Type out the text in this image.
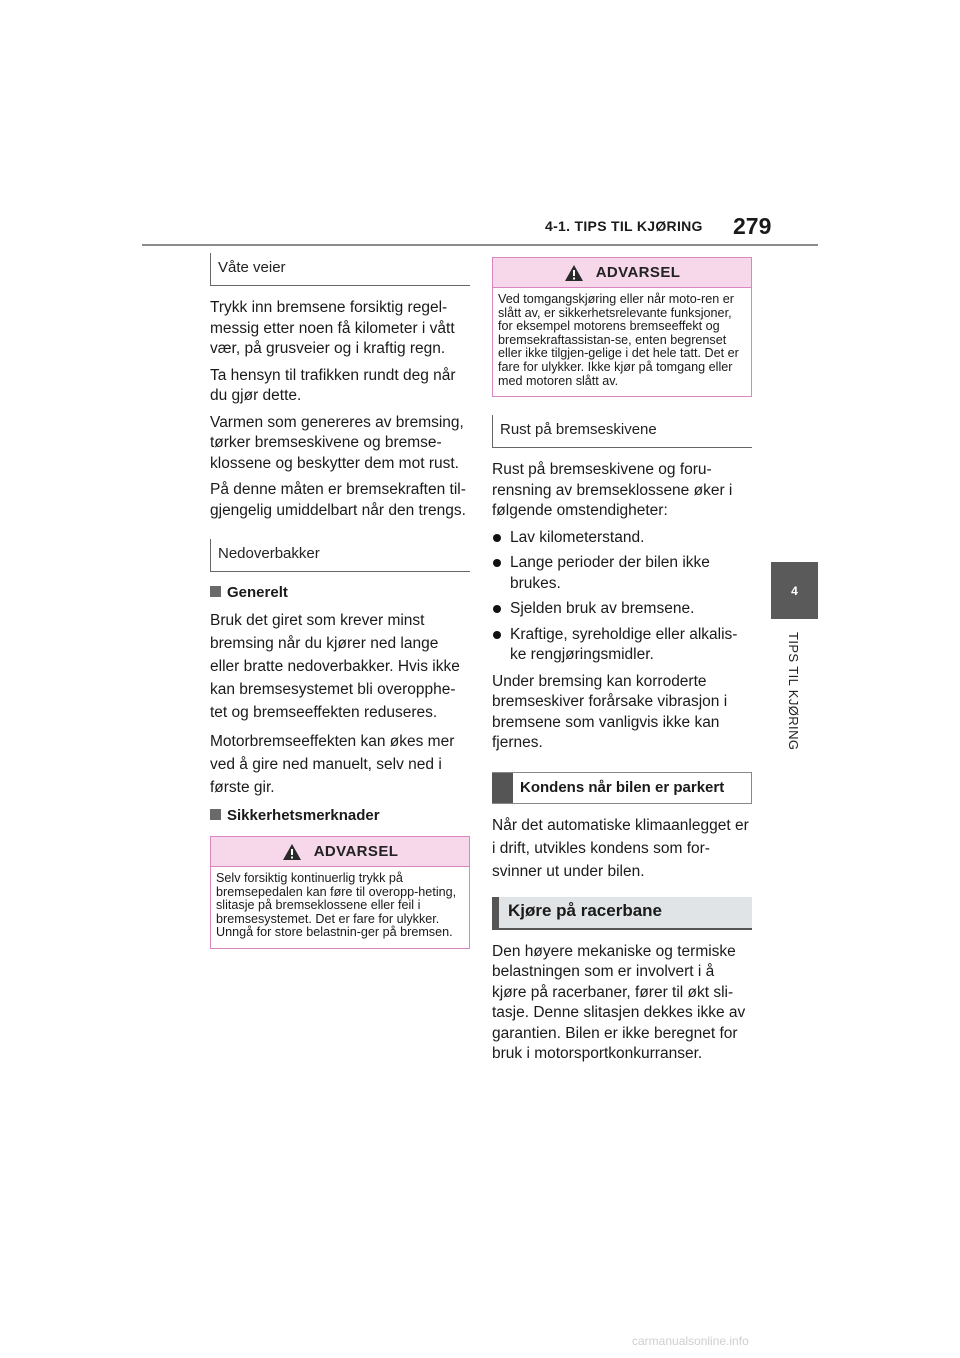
4-1. TIPS TIL KJØRING 279
4
TIPS TIL KJØRING
Våte veier

Trykk inn bremsene forsiktig regel-messig etter noen få kilometer i vått vær, på grusveier og i kraftig regn.

Ta hensyn til trafikken rundt deg når du gjør dette.

Varmen som genereres av bremsing, tørker bremseskivene og bremse-klossene og beskytter dem mot rust.

På denne måten er bremsekraften til-gjengelig umiddelbart når den trengs.

Nedoverbakker
Generelt

Bruk det giret som krever minst bremsing når du kjører ned lange eller bratte nedoverbakker. Hvis ikke kan bremsesystemet bli overopphe-tet og bremseeffekten reduseres.

Motorbremseeffekten kan økes mer ved å gire ned manuelt, selv ned i første gir.

Sikkerhetsmerknader
ADVARSEL
Selv forsiktig kontinuerlig trykk på bremsepedalen kan føre til overopp-heting, slitasje på bremseklossene eller feil i bremsesystemet. Det er fare for ulykker. Unngå for store belastnin-ger på bremsen.
ADVARSEL
Ved tomgangskjøring eller når moto-ren er slått av, er sikkerhetsrelevante funksjoner, for eksempel motorens bremseeffekt og bremsekraftassistan-se, enten begrenset eller ikke tilgjen-gelige i det hele tatt. Det er fare for ulykker. Ikke kjør på tomgang eller med motoren slått av.
Rust på bremseskivene

Rust på bremseskivene og foru-rensning av bremseklossene øker i følgende omstendigheter:

Lav kilometerstand.
Lange perioder der bilen ikke brukes.
Sjelden bruk av bremsene.
Kraftige, syreholdige eller alkalis-ke rengjøringsmidler.

Under bremsing kan korroderte bremseskiver forårsake vibrasjon i bremsene som vanligvis ikke kan fjernes.

Kondens når bilen er parkert

Når det automatiske klimaanlegget er i drift, utvikles kondens som for-svinner ut under bilen.

Kjøre på racerbane

Den høyere mekaniske og termiske belastningen som er involvert i å kjøre på racerbaner, fører til økt sli-tasje. Denne slitasjen dekkes ikke av garantien. Bilen er ikke beregnet for bruk i motorsportkonkurranser.

carmanualsonline.info
